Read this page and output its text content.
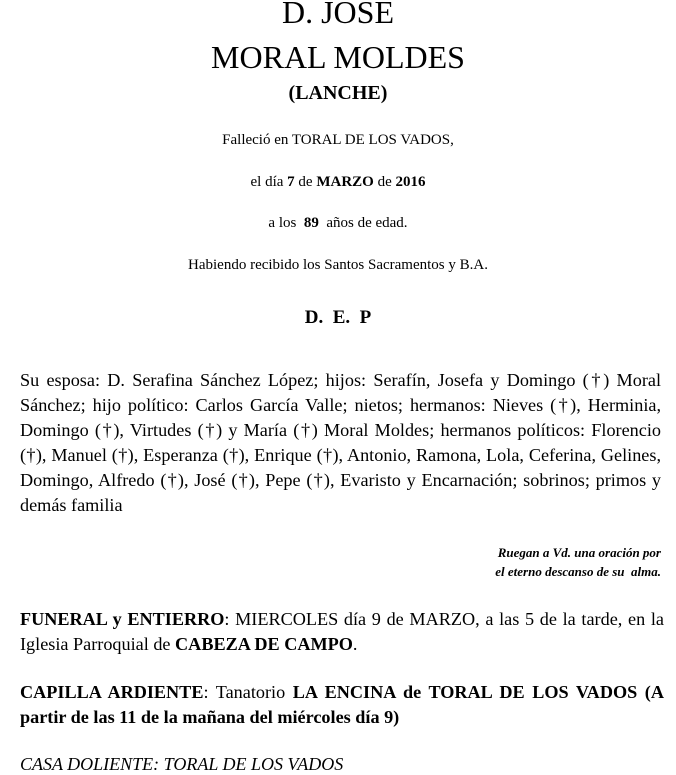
D. JOSE
MORAL MOLDES
(LANCHE)
Falleció en TORAL DE LOS VADOS,
el día 7 de MARZO de 2016
a los 89 años de edad.
Habiendo recibido los Santos Sacramentos y B.A.
D.  E.  P

Su esposa: D. Serafina Sánchez López; hijos: Serafín, Josefa y Domingo (†) Moral Sánchez; hijo político: Carlos García Valle; nietos; hermanos: Nieves (†), Herminia, Domingo (†), Virtudes (†) y María (†) Moral Moldes; hermanos políticos: Florencio (†), Manuel (†), Esperanza (†), Enrique (†), Antonio, Ramona, Lola, Ceferina, Gelines, Domingo, Alfredo (†), José (†), Pepe (†), Evaristo y Encarnación; sobrinos; primos y demás familia

Ruegan a Vd. una oración por
el eterno descanso de su  alma.

FUNERAL y ENTIERRO: MIERCOLES día 9 de MARZO, a las 5 de la tarde, en la Iglesia Parroquial de CABEZA DE CAMPO.

CAPILLA ARDIENTE: Tanatorio LA ENCINA de TORAL DE LOS VADOS (A partir de las 11 de la mañana del miércoles día 9)

CASA DOLIENTE: TORAL DE LOS VADOS
